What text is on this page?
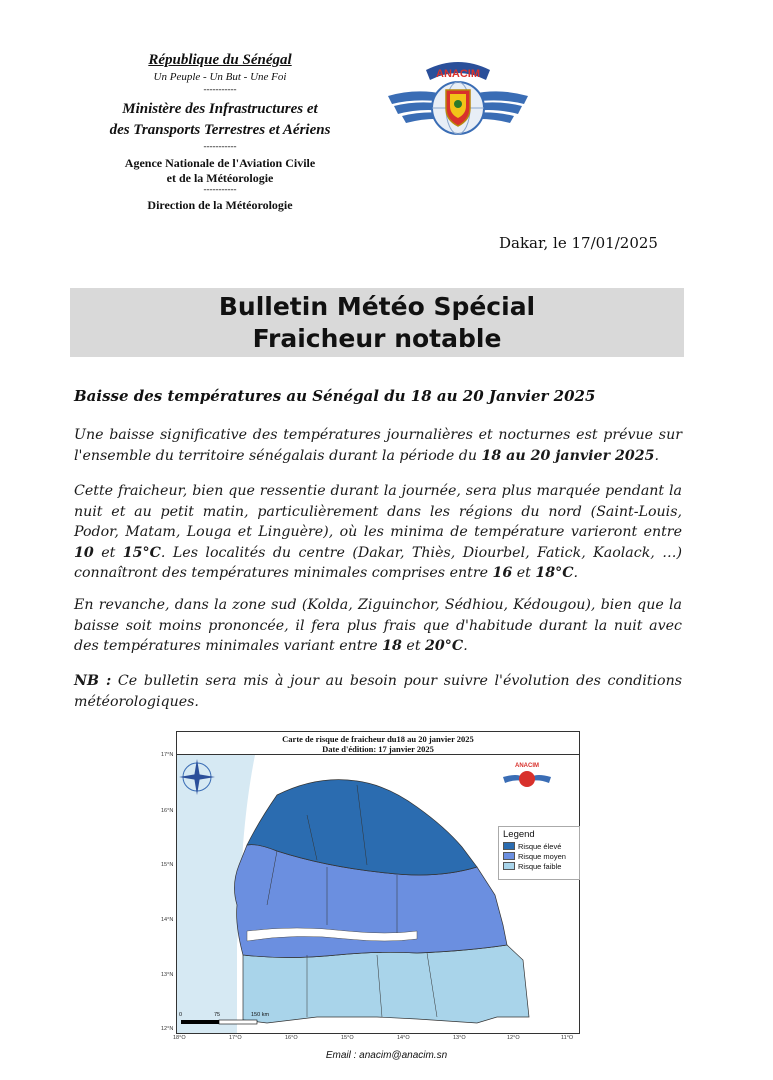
République du Sénégal
Un Peuple - Un But - Une Foi
-----------
Ministère des Infrastructures et
des Transports Terrestres et Aériens
-----------
Agence Nationale de l'Aviation Civile
et de la Météorologie
-----------
Direction de la Météorologie
ANACIM
Dakar, le 17/01/2025
Bulletin Météo Spécial
Fraicheur notable
Baisse des températures au Sénégal du 18 au 20 Janvier 2025
Une baisse significative des températures journalières et nocturnes est prévue sur l'ensemble du territoire sénégalais durant la période du 18 au 20 janvier 2025.
Cette fraicheur, bien que ressentie durant la journée, sera plus marquée pendant la nuit et au petit matin, particulièrement dans les régions du nord (Saint-Louis, Podor, Matam, Louga et Linguère), où les minima de température varieront entre 10 et 15°C. Les localités du centre (Dakar, Thiès, Diourbel, Fatick, Kaolack, …) connaîtront des températures minimales comprises entre 16 et 18°C.
En revanche, dans la zone sud (Kolda, Ziguinchor, Sédhiou, Kédougou), bien que la baisse soit moins prononcée, il fera plus frais que d'habitude durant la nuit avec des températures minimales variant entre 18 et 20°C.
NB : Ce bulletin sera mis à jour au besoin pour suivre l'évolution des conditions météorologiques.
Carte de risque de fraicheur du18 au 20 janvier 2025
Date d'édition: 17 janvier 2025
ANACIM
0	75	150 km
Legend
Risque élevé
Risque moyen
Risque faible
17°N
16°N
15°N
14°N
13°N
12°N
18°O	17°O	16°O	15°O	14°O	13°O	12°O	11°O
Email : anacim@anacim.sn
